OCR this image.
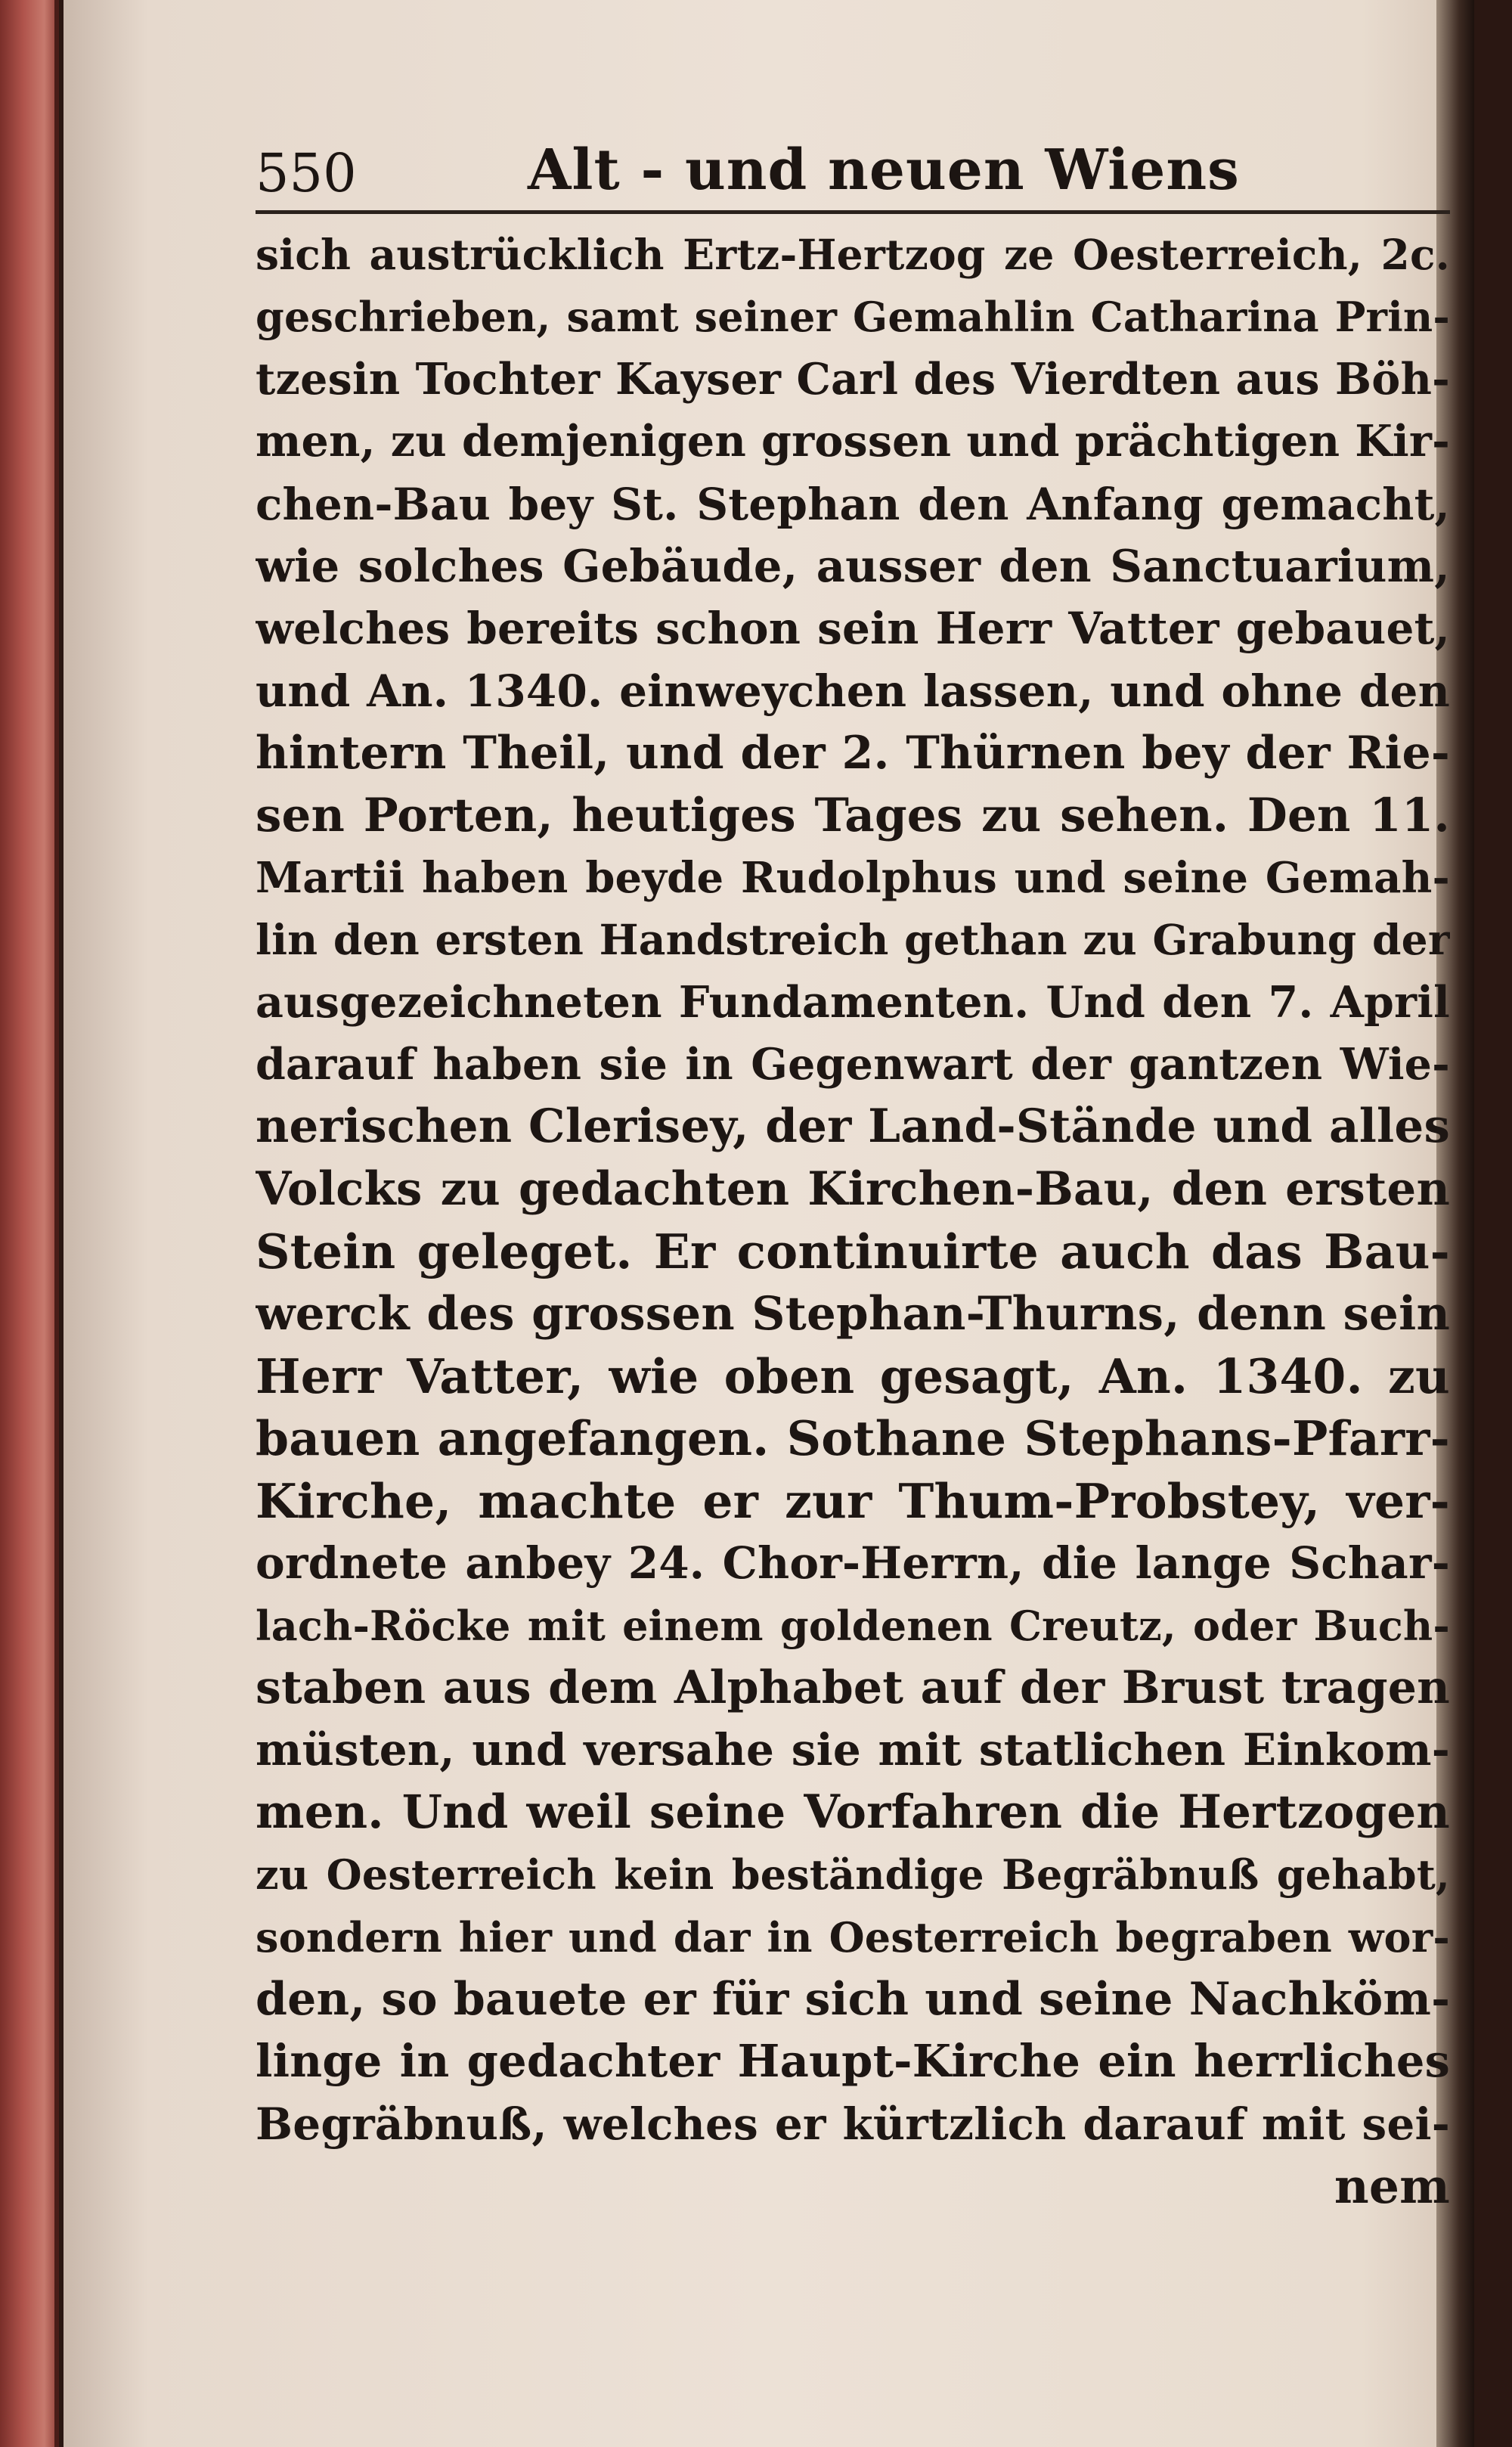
550	Alt - und neuen Wiens
sich austrücklich Ertz-Hertzog ze Oesterreich, 2c.
geschrieben, samt seiner Gemahlin Catharina Prin-
tzesin Tochter Kayser Carl des Vierdten aus Böh-
men, zu demjenigen grossen und prächtigen Kir-
chen-Bau bey St. Stephan den Anfang gemacht,
wie solches Gebäude, ausser den Sanctuarium,
welches bereits schon sein Herr Vatter gebauet,
und An. 1340. einweychen lassen, und ohne den
hintern Theil, und der 2. Thürnen bey der Rie-
sen Porten, heutiges Tages zu sehen. Den 11.
Martii haben beyde Rudolphus und seine Gemah-
lin den ersten Handstreich gethan zu Grabung der
ausgezeichneten Fundamenten. Und den 7. April
darauf haben sie in Gegenwart der gantzen Wie-
nerischen Clerisey, der Land-Stände und alles
Volcks zu gedachten Kirchen-Bau, den ersten
Stein geleget. Er continuirte auch das Bau-
werck des grossen Stephan-Thurns, denn sein
Herr Vatter, wie oben gesagt, An. 1340. zu
bauen angefangen. Sothane Stephans-Pfarr-
Kirche, machte er zur Thum-Probstey, ver-
ordnete anbey 24. Chor-Herrn, die lange Schar-
lach-Röcke mit einem goldenen Creutz, oder Buch-
staben aus dem Alphabet auf der Brust tragen
müsten, und versahe sie mit statlichen Einkom-
men. Und weil seine Vorfahren die Hertzogen
zu Oesterreich kein beständige Begräbnuß gehabt,
sondern hier und dar in Oesterreich begraben wor-
den, so bauete er für sich und seine Nachköm-
linge in gedachter Haupt-Kirche ein herrliches
Begräbnuß, welches er kürtzlich darauf mit sei-
nem
